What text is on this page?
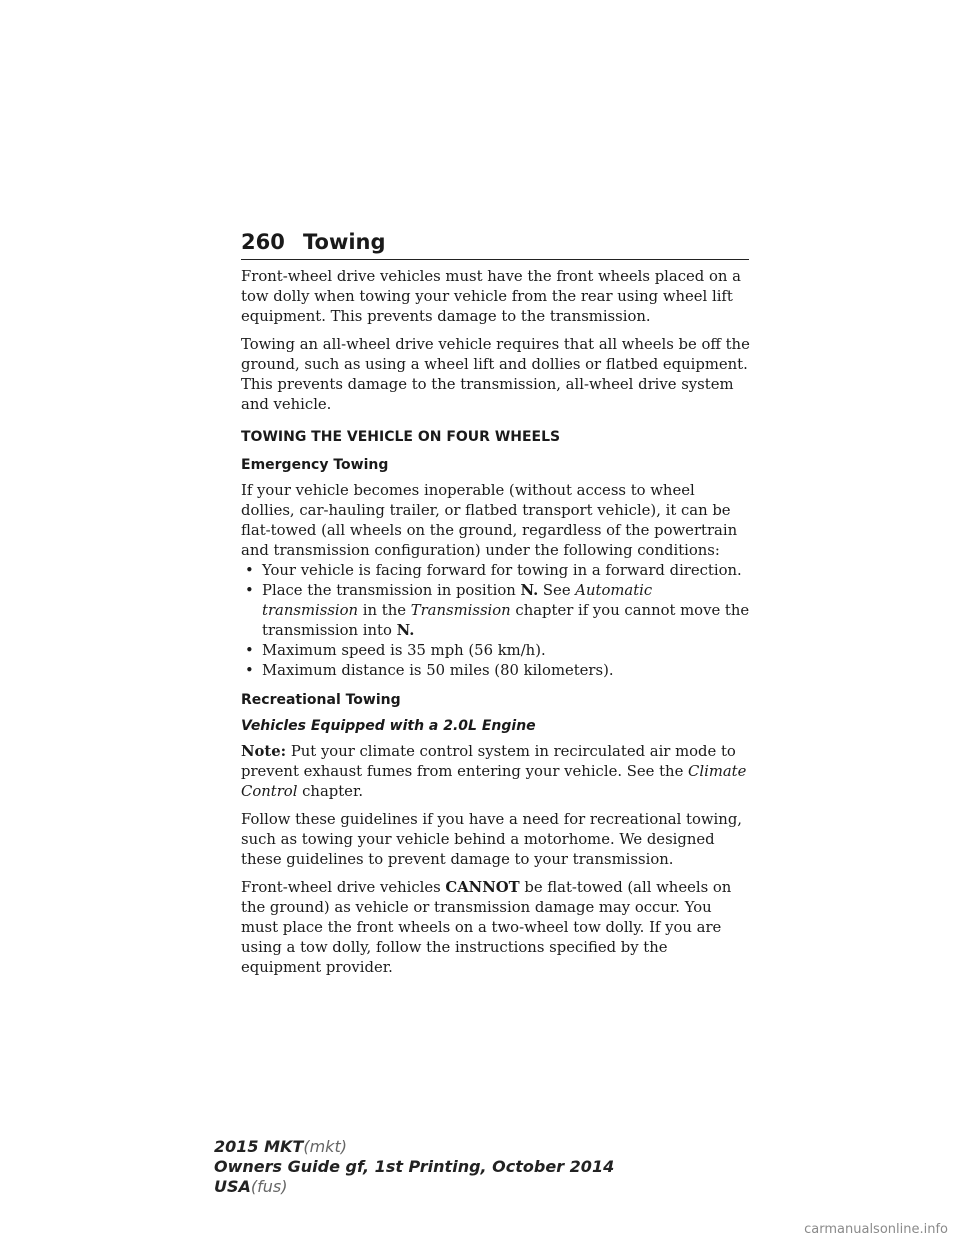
260 Towing

Front-wheel drive vehicles must have the front wheels placed on a tow dolly when towing your vehicle from the rear using wheel lift equipment. This prevents damage to the transmission.

Towing an all-wheel drive vehicle requires that all wheels be off the ground, such as using a wheel lift and dollies or flatbed equipment. This prevents damage to the transmission, all-wheel drive system and vehicle.

TOWING THE VEHICLE ON FOUR WHEELS
Emergency Towing

If your vehicle becomes inoperable (without access to wheel dollies, car-hauling trailer, or flatbed transport vehicle), it can be flat-towed (all wheels on the ground, regardless of the powertrain and transmission configuration) under the following conditions:

• Your vehicle is facing forward for towing in a forward direction.
• Place the transmission in position N. See Automatic transmission in the Transmission chapter if you cannot move the transmission into N.
• Maximum speed is 35 mph (56 km/h).
• Maximum distance is 50 miles (80 kilometers).
Recreational Towing
Vehicles Equipped with a 2.0L Engine

Note: Put your climate control system in recirculated air mode to prevent exhaust fumes from entering your vehicle. See the Climate Control chapter.

Follow these guidelines if you have a need for recreational towing, such as towing your vehicle behind a motorhome. We designed these guidelines to prevent damage to your transmission.

Front-wheel drive vehicles CANNOT be flat-towed (all wheels on the ground) as vehicle or transmission damage may occur. You must place the front wheels on a two-wheel tow dolly. If you are using a tow dolly, follow the instructions specified by the equipment provider.

2015 MKT(mkt)
Owners Guide gf, 1st Printing, October 2014
USA(fus)
carmanualsonline.info
